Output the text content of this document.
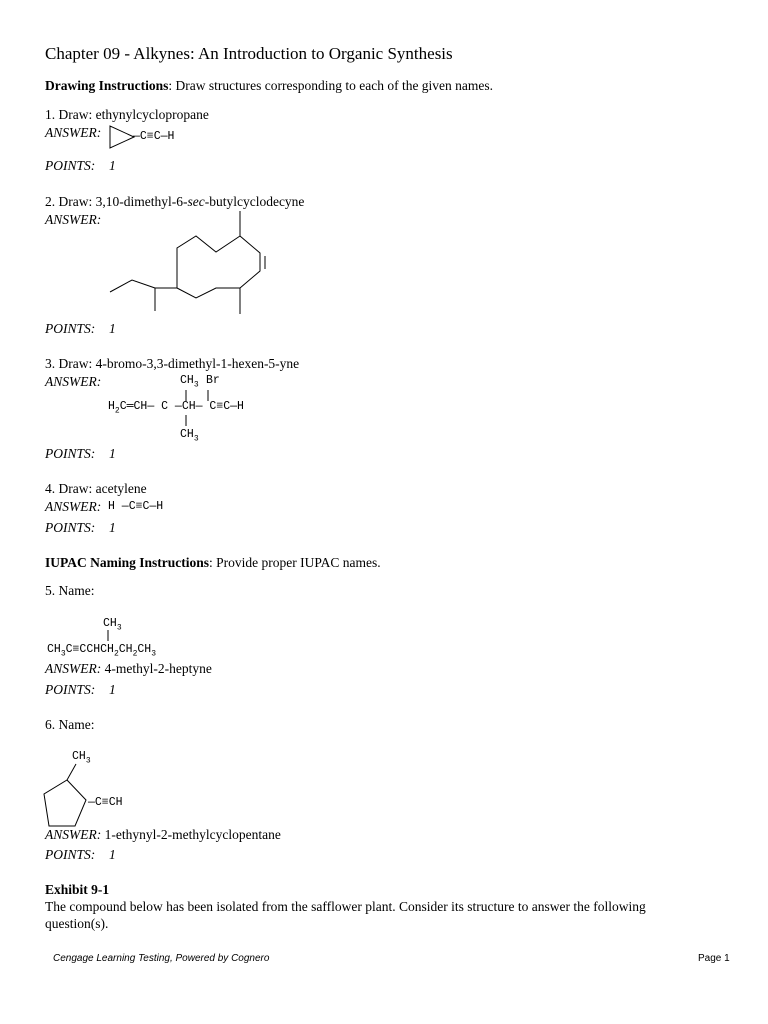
Chapter 09 - Alkynes: An Introduction to Organic Synthesis
Drawing Instructions: Draw structures corresponding to each of the given names.
1. Draw: ethynylcyclopropane
ANSWER:	—C≡C—H
POINTS: 1
2. Draw: 3,10-dimethyl-6-sec-butylcyclodecyne
ANSWER:
POINTS: 1
3. Draw: 4-bromo-3,3-dimethyl-1-hexen-5-yne
ANSWER:	$CH_3$ Br
$H_2C═CH—$ C —CH— C≡C—H
$CH_3$
POINTS: 1
4. Draw: acetylene
ANSWER: H —C≡C—H
POINTS: 1
IUPAC Naming Instructions: Provide proper IUPAC names.
5. Name:
$CH_3$
$CH_3C\equiv CCHCH_2CH_2CH_3$
ANSWER: 4-methyl-2-heptyne
POINTS: 1
6. Name:
$CH_3$
—C≡CH
ANSWER: 1-ethynyl-2-methylcyclopentane
POINTS: 1
Exhibit 9-1
The compound below has been isolated from the safflower plant. Consider its structure to answer the following question(s).
Cengage Learning Testing, Powered by Cognero	Page 1
